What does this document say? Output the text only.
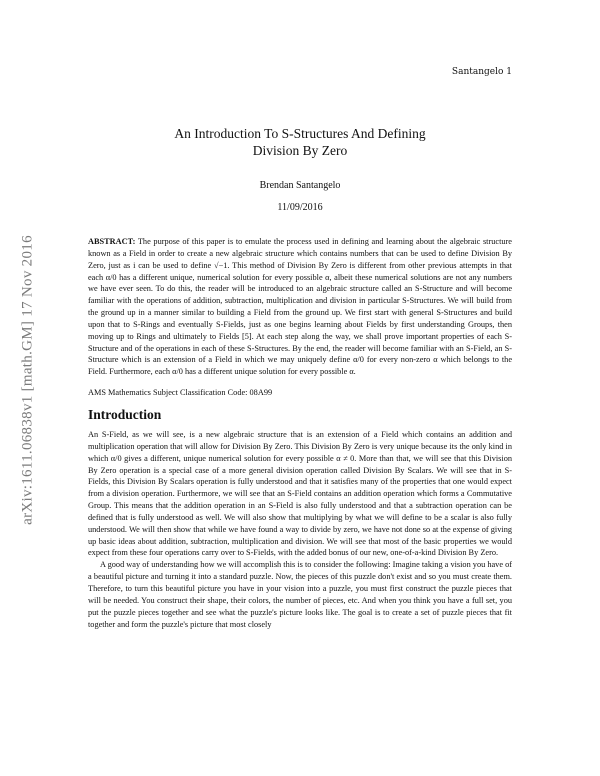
Santangelo 1
arXiv:1611.06838v1 [math.GM] 17 Nov 2016
An Introduction To S-Structures And Defining
Division By Zero
Brendan Santangelo
11/09/2016
ABSTRACT: The purpose of this paper is to emulate the process used in defining and learning about the algebraic structure known as a Field in order to create a new algebraic structure which contains numbers that can be used to define Division By Zero, just as i can be used to define √−1. This method of Division By Zero is different from other previous attempts in that each α/0 has a different unique, numerical solution for every possible α, albeit these numerical solutions are not any numbers we have ever seen. To do this, the reader will be introduced to an algebraic structure called an S-Structure and will become familiar with the operations of addition, subtraction, multiplication and division in particular S-Structures. We will build from the ground up in a manner similar to building a Field from the ground up. We first start with general S-Structures and build upon that to S-Rings and eventually S-Fields, just as one begins learning about Fields by first understanding Groups, then moving up to Rings and ultimately to Fields [5]. At each step along the way, we shall prove important properties of each S-Structure and of the operations in each of these S-Structures. By the end, the reader will become familiar with an S-Field, an S-Structure which is an extension of a Field in which we may uniquely define α/0 for every non-zero α which belongs to the Field. Furthermore, each α/0 has a different unique solution for every possible α.
AMS Mathematics Subject Classification Code: 08A99
Introduction

An S-Field, as we will see, is a new algebraic structure that is an extension of a Field which contains an addition and multiplication operation that will allow for Division By Zero. This Division By Zero is very unique because its the only kind in which α/0 gives a different, unique numerical solution for every possible α ≠ 0. More than that, we will see that this Division By Zero operation is a special case of a more general division operation called Division By Scalars. We will see that in S-Fields, this Division By Scalars operation is fully understood and that it satisfies many of the properties that one would expect from a division operation. Furthermore, we will see that an S-Field contains an addition operation which forms a Commutative Group. This means that the addition operation in an S-Field is also fully understood and that a subtraction operation can be defined that is fully understood as well. We will also show that multiplying by what we will define to be a scalar is also fully understood. We will then show that while we have found a way to divide by zero, we have not done so at the expense of giving up basic ideas about addition, subtraction, multiplication and division. We will see that most of the basic properties we would expect from these four operations carry over to S-Fields, with the added bonus of our new, one-of-a-kind Division By Zero.

A good way of understanding how we will accomplish this is to consider the following: Imagine taking a vision you have of a beautiful picture and turning it into a standard puzzle. Now, the pieces of this puzzle don't exist and so you must create them. Therefore, to turn this beautiful picture you have in your vision into a puzzle, you must first construct the puzzle pieces that will be needed. You construct their shape, their colors, the number of pieces, etc. And when you think you have a full set, you put the puzzle pieces together and see what the puzzle's picture looks like. The goal is to create a set of puzzle pieces that fit together and form the puzzle's picture that most closely
